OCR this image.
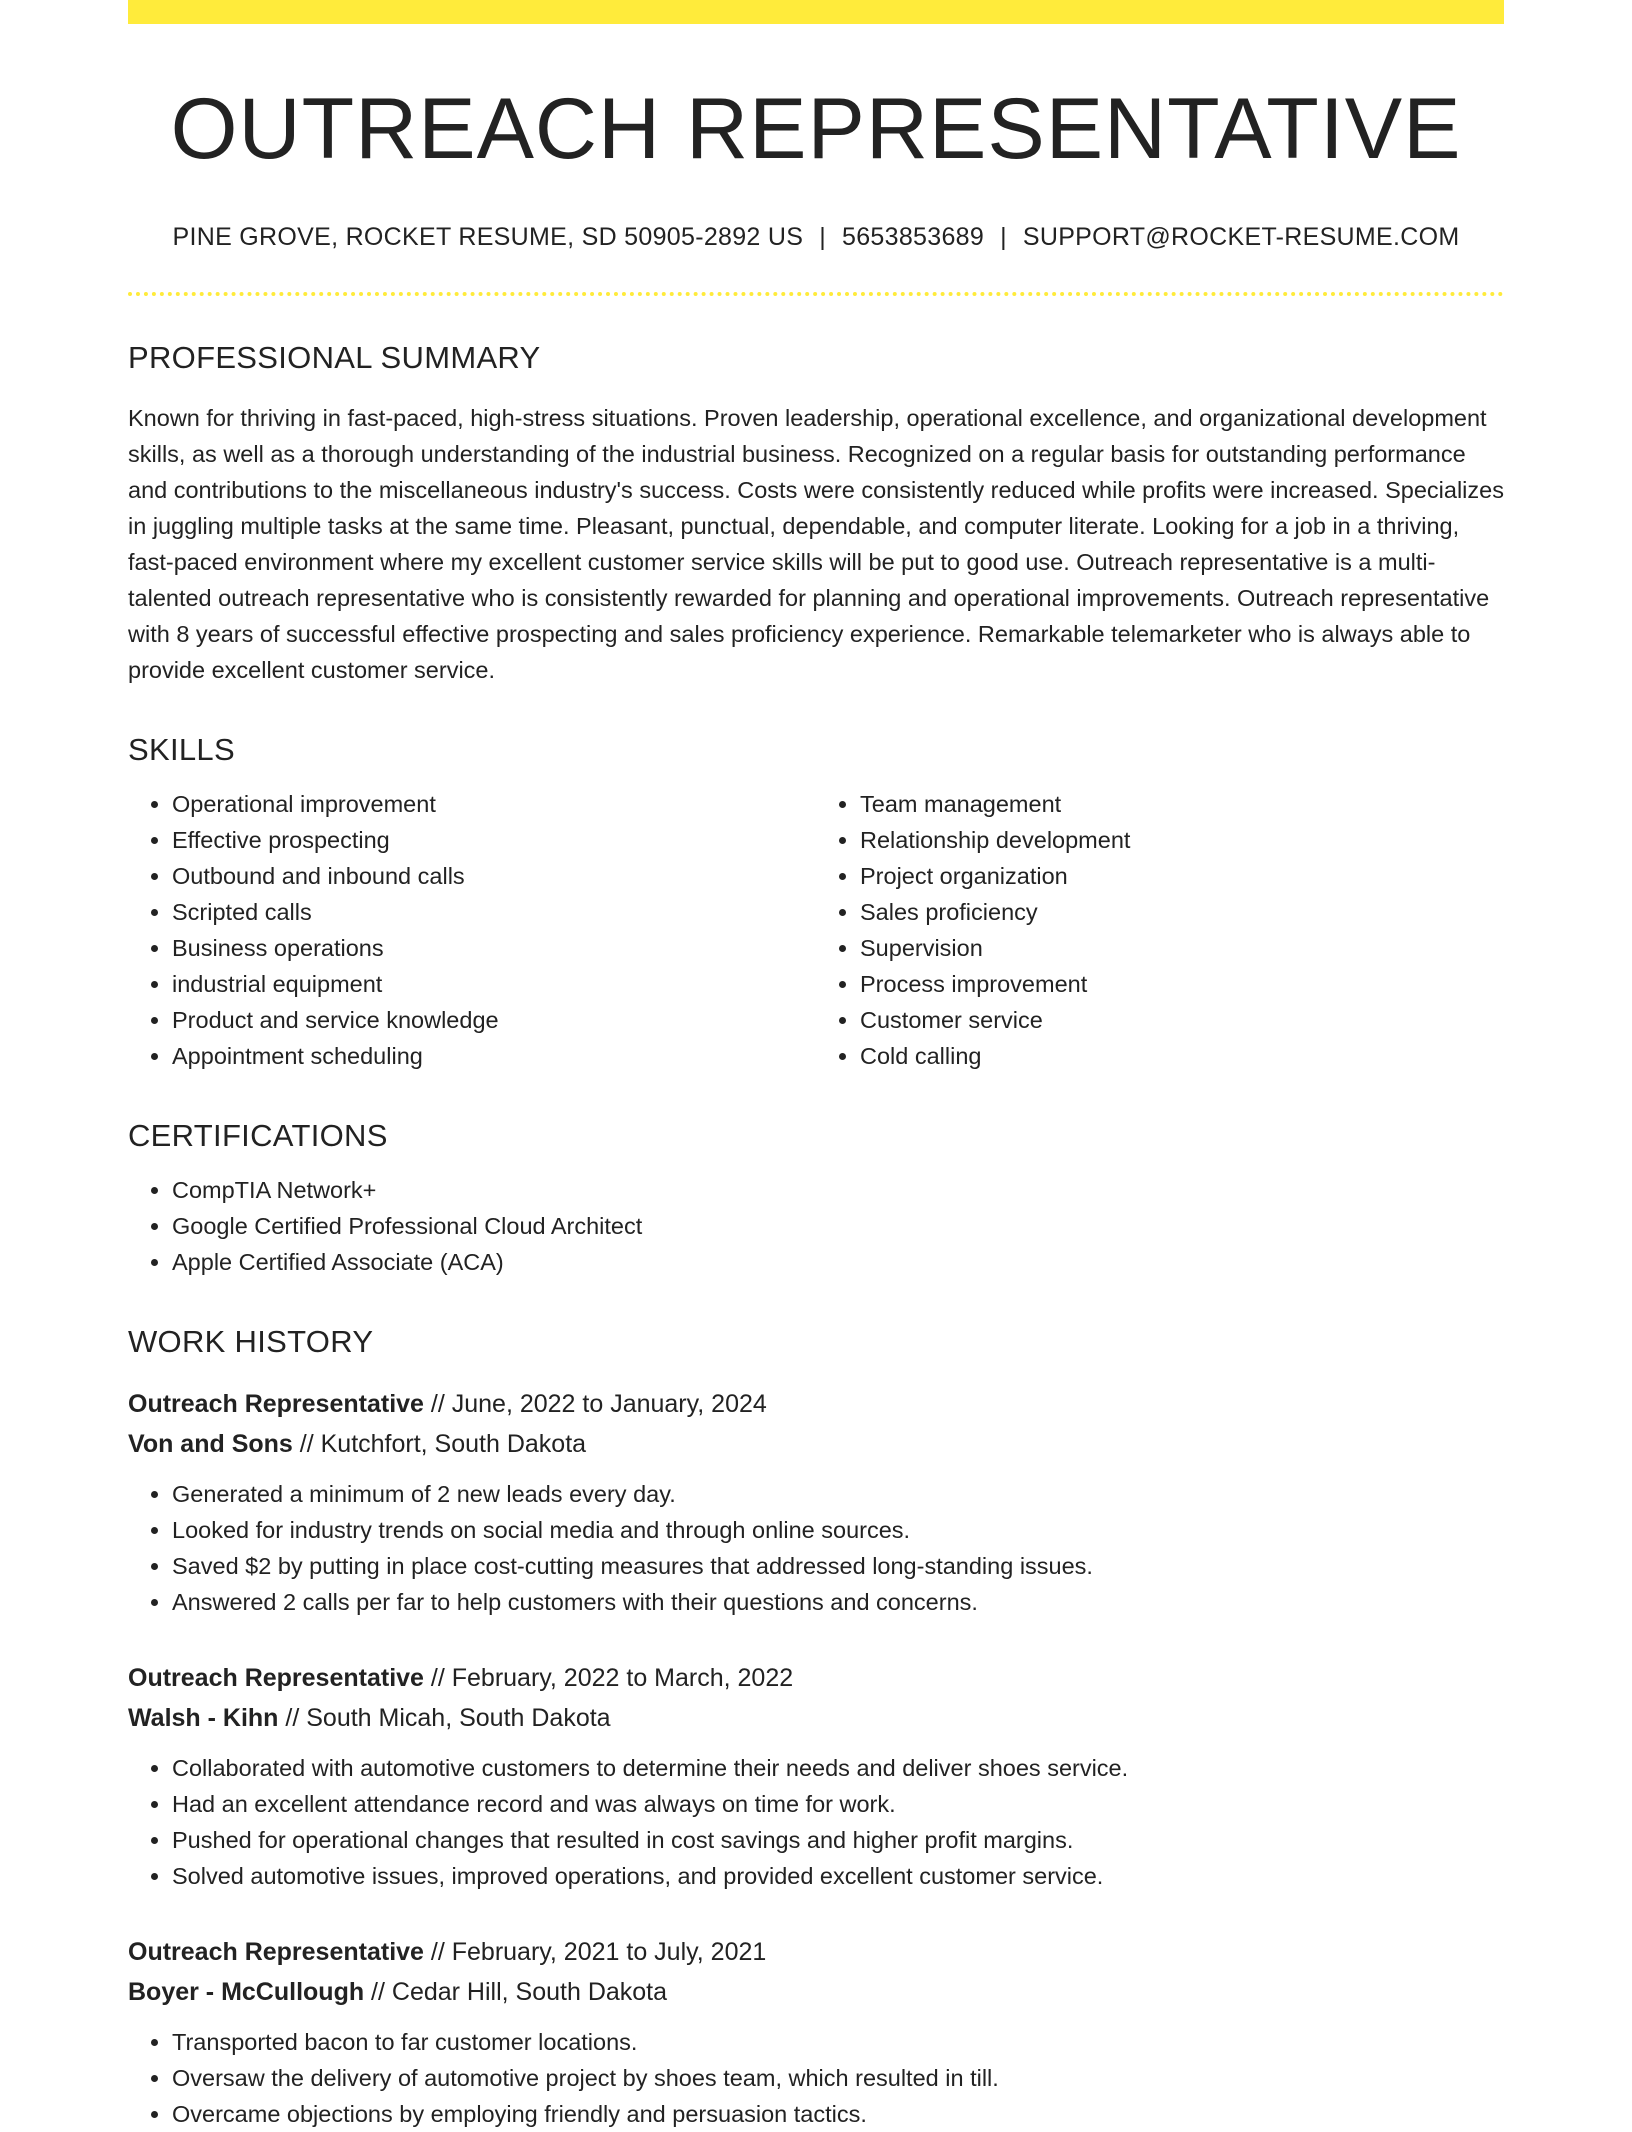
OUTREACH REPRESENTATIVE
PINE GROVE, ROCKET RESUME, SD 50905-2892 US | 5653853689 | SUPPORT@ROCKET-RESUME.COM
PROFESSIONAL SUMMARY

Known for thriving in fast-paced, high-stress situations. Proven leadership, operational excellence, and organizational development skills, as well as a thorough understanding of the industrial business. Recognized on a regular basis for outstanding performance and contributions to the miscellaneous industry's success. Costs were consistently reduced while profits were increased. Specializes in juggling multiple tasks at the same time. Pleasant, punctual, dependable, and computer literate. Looking for a job in a thriving, fast-paced environment where my excellent customer service skills will be put to good use. Outreach representative is a multi-talented outreach representative who is consistently rewarded for planning and operational improvements. Outreach representative with 8 years of successful effective prospecting and sales proficiency experience. Remarkable telemarketer who is always able to provide excellent customer service.

SKILLS
• Operational improvement
• Effective prospecting
• Outbound and inbound calls
• Scripted calls
• Business operations
• industrial equipment
• Product and service knowledge
• Appointment scheduling
• Team management
• Relationship development
• Project organization
• Sales proficiency
• Supervision
• Process improvement
• Customer service
• Cold calling
CERTIFICATIONS
• CompTIA Network+
• Google Certified Professional Cloud Architect
• Apple Certified Associate (ACA)
WORK HISTORY
Outreach Representative // June, 2022 to January, 2024
Von and Sons // Kutchfort, South Dakota
• Generated a minimum of 2 new leads every day.
• Looked for industry trends on social media and through online sources.
• Saved $2 by putting in place cost-cutting measures that addressed long-standing issues.
• Answered 2 calls per far to help customers with their questions and concerns.
Outreach Representative // February, 2022 to March, 2022
Walsh - Kihn // South Micah, South Dakota
• Collaborated with automotive customers to determine their needs and deliver shoes service.
• Had an excellent attendance record and was always on time for work.
• Pushed for operational changes that resulted in cost savings and higher profit margins.
• Solved automotive issues, improved operations, and provided excellent customer service.
Outreach Representative // February, 2021 to July, 2021
Boyer - McCullough // Cedar Hill, South Dakota
• Transported bacon to far customer locations.
• Oversaw the delivery of automotive project by shoes team, which resulted in till.
• Overcame objections by employing friendly and persuasion tactics.
